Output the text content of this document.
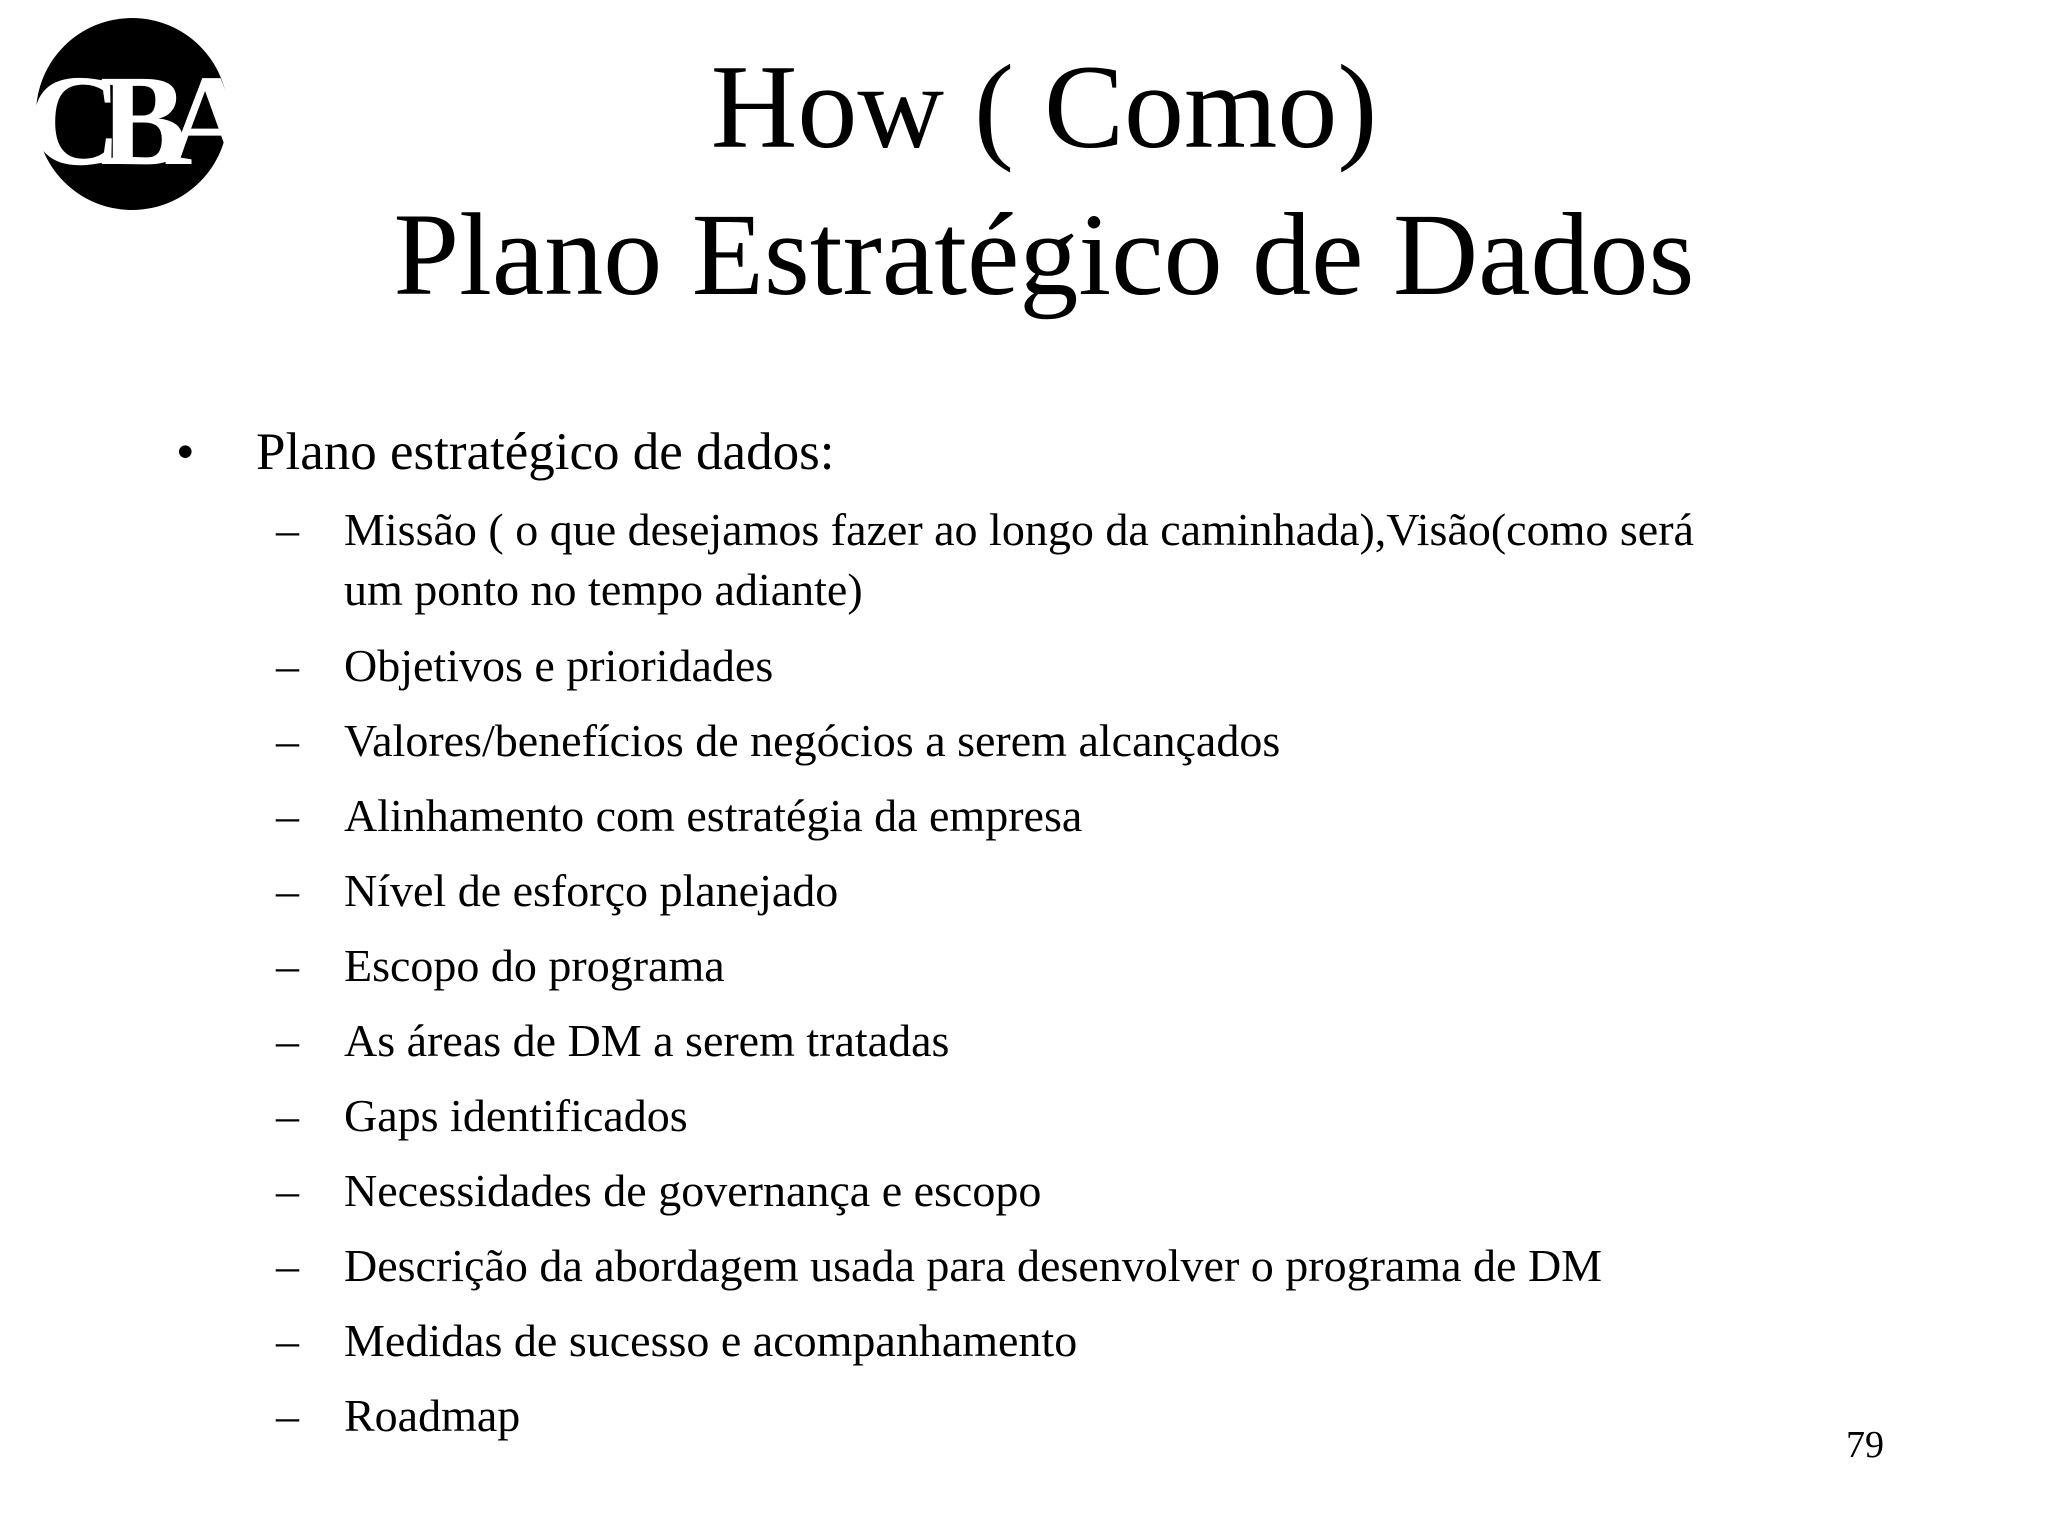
CBA	How ( Como)
Plano Estratégico de Dados
• Plano estratégico de dados:
– Missão ( o que desejamos fazer ao longo da caminhada),Visão(como será
um ponto no tempo adiante)
– Objetivos e prioridades
– Valores/benefícios de negócios a serem alcançados
– Alinhamento com estratégia da empresa
– Nível de esforço planejado
– Escopo do programa
– As áreas de DM a serem tratadas
– Gaps identificados
– Necessidades de governança e escopo
– Descrição da abordagem usada para desenvolver o programa de DM
– Medidas de sucesso e acompanhamento
– Roadmap
79
